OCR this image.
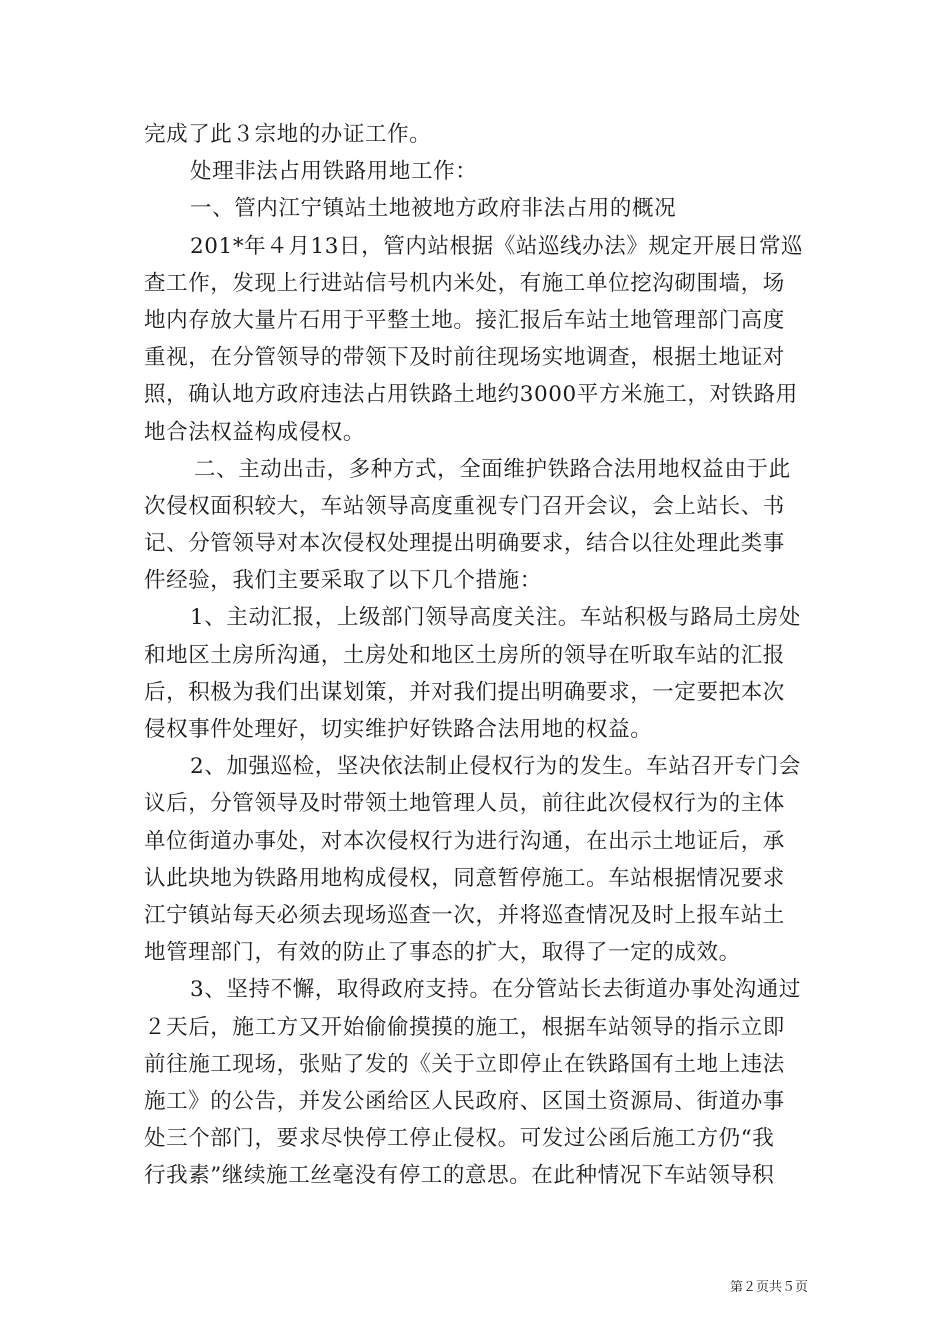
完成了此３宗地的办证工作。
处理非法占用铁路用地工作：
一、管内江宁镇站土地被地方政府非法占用的概况
201*年４月13日，管内站根据《站巡线办法》规定开展日常巡
查工作，发现上行进站信号机内米处，有施工单位挖沟砌围墙，场
地内存放大量片石用于平整土地。接汇报后车站土地管理部门高度
重视，在分管领导的带领下及时前往现场实地调查，根据土地证对
照，确认地方政府违法占用铁路土地约3000平方米施工，对铁路用
地合法权益构成侵权。
二、主动出击，多种方式，全面维护铁路合法用地权益由于此
次侵权面积较大，车站领导高度重视专门召开会议，会上站长、书
记、分管领导对本次侵权处理提出明确要求，结合以往处理此类事
件经验，我们主要采取了以下几个措施：
1、主动汇报，上级部门领导高度关注。车站积极与路局土房处
和地区土房所沟通，土房处和地区土房所的领导在听取车站的汇报
后，积极为我们出谋划策，并对我们提出明确要求，一定要把本次
侵权事件处理好，切实维护好铁路合法用地的权益。
2、加强巡检，坚决依法制止侵权行为的发生。车站召开专门会
议后，分管领导及时带领土地管理人员，前往此次侵权行为的主体
单位街道办事处，对本次侵权行为进行沟通，在出示土地证后，承
认此块地为铁路用地构成侵权，同意暂停施工。车站根据情况要求
江宁镇站每天必须去现场巡查一次，并将巡查情况及时上报车站土
地管理部门，有效的防止了事态的扩大，取得了一定的成效。
3、坚持不懈，取得政府支持。在分管站长去街道办事处沟通过
２天后，施工方又开始偷偷摸摸的施工，根据车站领导的指示立即
前往施工现场，张贴了发的《关于立即停止在铁路国有土地上违法
施工》的公告，并发公函给区人民政府、区国土资源局、街道办事
处三个部门，要求尽快停工停止侵权。可发过公函后施工方仍“我
行我素”继续施工丝毫没有停工的意思。在此种情况下车站领导积
第２页共５页
